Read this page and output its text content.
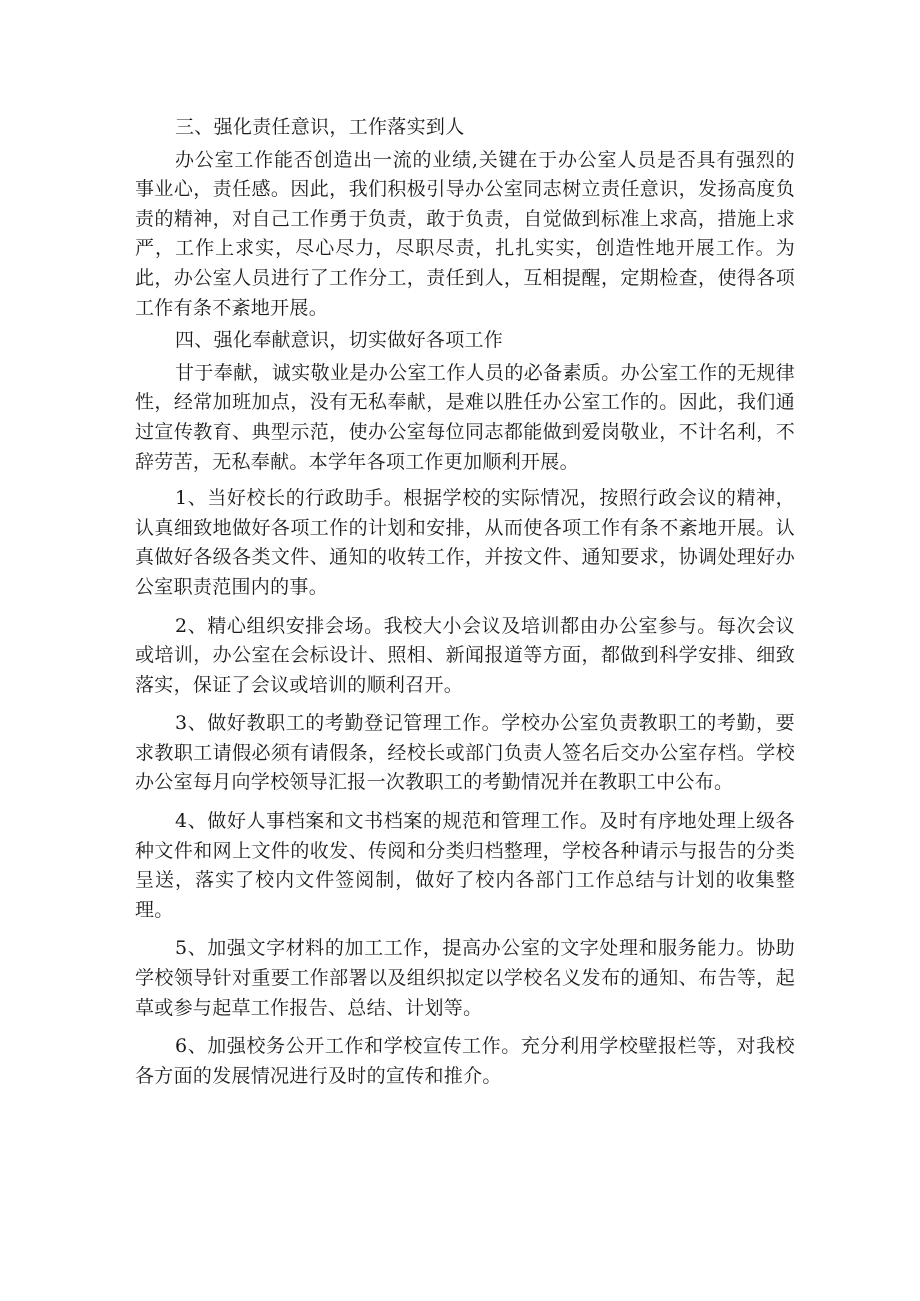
三、强化责任意识，工作落实到人

办公室工作能否创造出一流的业绩,关键在于办公室人员是否具有强烈的事业心，责任感。因此，我们积极引导办公室同志树立责任意识，发扬高度负责的精神，对自己工作勇于负责，敢于负责，自觉做到标准上求高，措施上求严，工作上求实，尽心尽力，尽职尽责，扎扎实实，创造性地开展工作。为此，办公室人员进行了工作分工，责任到人，互相提醒，定期检查，使得各项工作有条不紊地开展。

四、强化奉献意识，切实做好各项工作

甘于奉献，诚实敬业是办公室工作人员的必备素质。办公室工作的无规律性，经常加班加点，没有无私奉献，是难以胜任办公室工作的。因此，我们通过宣传教育、典型示范，使办公室每位同志都能做到爱岗敬业，不计名利，不辞劳苦，无私奉献。本学年各项工作更加顺利开展。

1、当好校长的行政助手。根据学校的实际情况，按照行政会议的精神，认真细致地做好各项工作的计划和安排，从而使各项工作有条不紊地开展。认真做好各级各类文件、通知的收转工作，并按文件、通知要求，协调处理好办公室职责范围内的事。

2、精心组织安排会场。我校大小会议及培训都由办公室参与。每次会议或培训，办公室在会标设计、照相、新闻报道等方面，都做到科学安排、细致落实，保证了会议或培训的顺利召开。

3、做好教职工的考勤登记管理工作。学校办公室负责教职工的考勤，要求教职工请假必须有请假条，经校长或部门负责人签名后交办公室存档。学校办公室每月向学校领导汇报一次教职工的考勤情况并在教职工中公布。

4、做好人事档案和文书档案的规范和管理工作。及时有序地处理上级各种文件和网上文件的收发、传阅和分类归档整理，学校各种请示与报告的分类呈送，落实了校内文件签阅制，做好了校内各部门工作总结与计划的收集整理。

5、加强文字材料的加工工作，提高办公室的文字处理和服务能力。协助学校领导针对重要工作部署以及组织拟定以学校名义发布的通知、布告等，起草或参与起草工作报告、总结、计划等。

6、加强校务公开工作和学校宣传工作。充分利用学校壁报栏等，对我校各方面的发展情况进行及时的宣传和推介。
